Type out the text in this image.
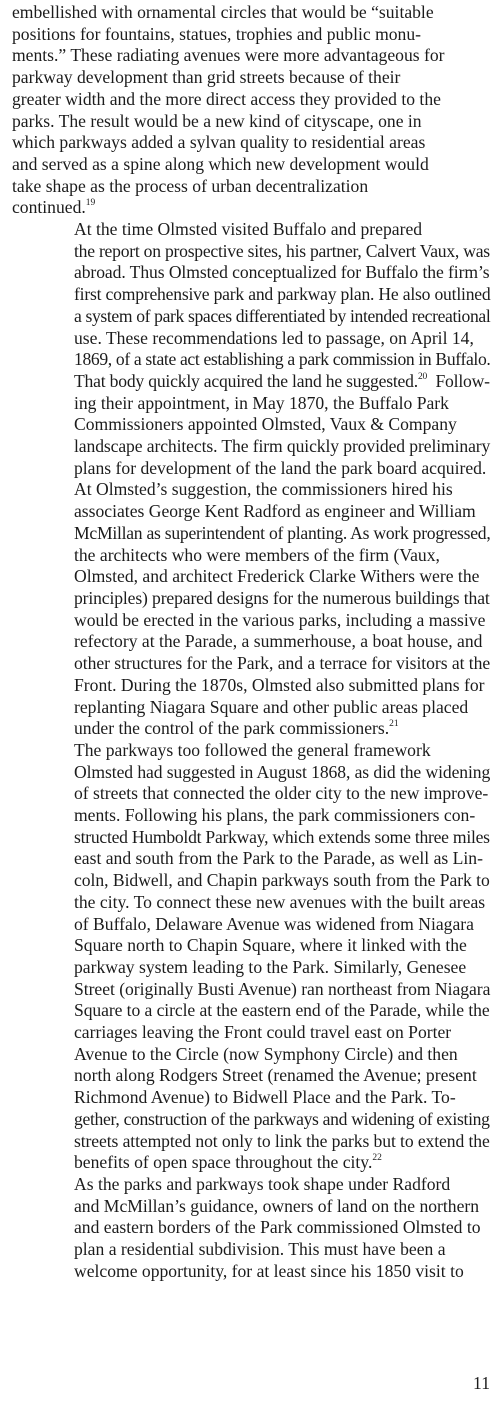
embellished with ornamental circles that would be “suitable
positions for fountains, statues, trophies and public monu-
ments.” These radiating avenues were more advantageous for
parkway development than grid streets because of their
greater width and the more direct access they provided to the
parks. The result would be a new kind of cityscape, one in
which parkways added a sylvan quality to residential areas
and served as a spine along which new development would
take shape as the process of urban decentralization
continued.$^{19}$

At the time Olmsted visited Buffalo and prepared
the report on prospective sites, his partner, Calvert Vaux, was
abroad. Thus Olmsted conceptualized for Buffalo the firm’s
first comprehensive park and parkway plan. He also outlined
a system of park spaces differentiated by intended recreational
use. These recommendations led to passage, on April 14,
1869, of a state act establishing a park commission in Buffalo.
That body quickly acquired the land he suggested.$^{20}$  Follow-
ing their appointment, in May 1870, the Buffalo Park
Commissioners appointed Olmsted, Vaux & Company
landscape architects. The firm quickly provided preliminary
plans for development of the land the park board acquired.
At Olmsted’s suggestion, the commissioners hired his
associates George Kent Radford as engineer and William
McMillan as superintendent of planting. As work progressed,
the architects who were members of the firm (Vaux,
Olmsted, and architect Frederick Clarke Withers were the
principles) prepared designs for the numerous buildings that
would be erected in the various parks, including a massive
refectory at the Parade, a summerhouse, a boat house, and
other structures for the Park, and a terrace for visitors at the
Front. During the 1870s, Olmsted also submitted plans for
replanting Niagara Square and other public areas placed
under the control of the park commissioners.$^{21}$

The parkways too followed the general framework
Olmsted had suggested in August 1868, as did the widening
of streets that connected the older city to the new improve-
ments. Following his plans, the park commissioners con-
structed Humboldt Parkway, which extends some three miles
east and south from the Park to the Parade, as well as Lin-
coln, Bidwell, and Chapin parkways south from the Park to
the city. To connect these new avenues with the built areas
of Buffalo, Delaware Avenue was widened from Niagara
Square north to Chapin Square, where it linked with the
parkway system leading to the Park. Similarly, Genesee
Street (originally Busti Avenue) ran northeast from Niagara
Square to a circle at the eastern end of the Parade, while the
carriages leaving the Front could travel east on Porter
Avenue to the Circle (now Symphony Circle) and then
north along Rodgers Street (renamed the Avenue; present
Richmond Avenue) to Bidwell Place and the Park. To-
gether, construction of the parkways and widening of existing
streets attempted not only to link the parks but to extend the
benefits of open space throughout the city.$^{22}$

As the parks and parkways took shape under Radford
and McMillan’s guidance, owners of land on the northern
and eastern borders of the Park commissioned Olmsted to
plan a residential subdivision. This must have been a
welcome opportunity, for at least since his 1850 visit to

11
